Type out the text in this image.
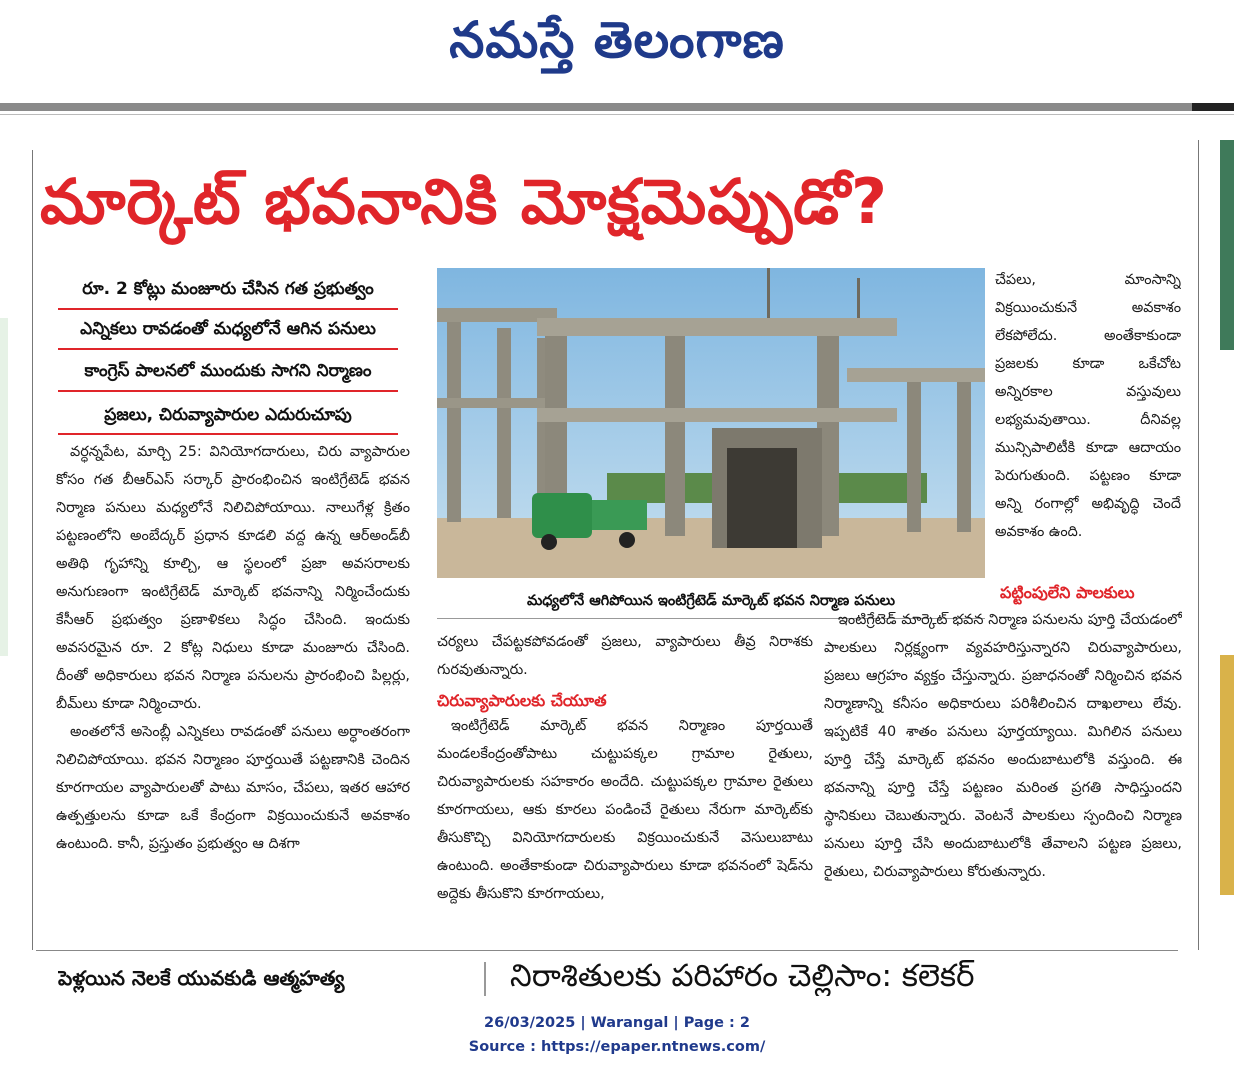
నమస్తే తెలంగాణ
మార్కెట్‌ భవనానికి మోక్షమెప్పుడో?
రూ. 2 కోట్లు మంజూరు చేసిన గత ప్రభుత్వం
ఎన్నికలు రావడంతో మధ్యలోనే ఆగిన పనులు
కాంగ్రెస్‌ పాలనలో ముందుకు సాగని నిర్మాణం
ప్రజలు, చిరువ్యాపారుల ఎదురుచూపు

వర్ధన్నపేట, మార్చి 25: వినియోగదారులు, చిరు వ్యాపారుల కోసం గత బీఆర్‌ఎస్‌ సర్కార్‌ ప్రారంభించిన ఇంటిగ్రేటెడ్‌ భవన నిర్మాణ పనులు మధ్యలోనే నిలిచిపోయాయి. నాలుగేళ్ల క్రితం పట్టణంలోని అంబేద్కర్‌ ప్రధాన కూడలి వద్ద ఉన్న ఆర్‌అండ్‌బీ అతిథి గృహాన్ని కూల్చి, ఆ స్థలంలో ప్రజా అవసరాలకు అనుగుణంగా ఇంటిగ్రేటెడ్‌ మార్కెట్‌ భవనాన్ని నిర్మించేందుకు కేసీఆర్‌ ప్రభుత్వం ప్రణాళికలు సిద్ధం చేసింది. ఇందుకు అవసరమైన రూ. 2 కోట్ల నిధులు కూడా మంజూరు చేసింది. దీంతో అధికారులు భవన నిర్మాణ పనులను ప్రారంభించి పిల్లర్లు, బీమ్‌లు కూడా నిర్మించారు.

అంతలోనే అసెంబ్లీ ఎన్నికలు రావడంతో పనులు అర్ధాంతరంగా నిలిచిపోయాయి. భవన నిర్మాణం పూర్తయితే పట్టణానికి చెందిన కూరగాయల వ్యాపారులతో పాటు మాసం, చేపలు, ఇతర ఆహార ఉత్పత్తులను కూడా ఒకే కేంద్రంగా విక్రయించుకునే అవకాశం ఉంటుంది. కానీ, ప్రస్తుతం ప్రభుత్వం ఆ దిశగా

మధ్యలోనే ఆగిపోయిన ఇంటిగ్రేటెడ్‌ మార్కెట్‌ భవన నిర్మాణ పనులు

చర్యలు చేపట్టకపోవడంతో ప్రజలు, వ్యాపారులు తీవ్ర నిరాశకు గురవుతున్నారు.

చిరువ్యాపారులకు చేయూత

ఇంటిగ్రేటెడ్‌ మార్కెట్‌ భవన నిర్మాణం పూర్తయితే మండలకేంద్రంతోపాటు చుట్టుపక్కల గ్రామాల రైతులు, చిరువ్యాపారులకు సహకారం అందేది. చుట్టుపక్కల గ్రామాల రైతులు కూరగాయలు, ఆకు కూరలు పండించే రైతులు నేరుగా మార్కెట్‌కు తీసుకొచ్చి వినియోగదారులకు విక్రయించుకునే వెసులుబాటు ఉంటుంది. అంతేకాకుండా చిరువ్యాపారులు కూడా భవనంలో షెడ్‌ను అద్దెకు తీసుకొని కూరగాయలు,

చేపలు, మాంసాన్ని విక్రయించుకునే అవకాశం లేకపోలేదు. అంతేకాకుండా ప్రజలకు కూడా ఒకేచోట అన్నిరకాల వస్తువులు లభ్యమవుతాయి. దీనివల్ల మున్సిపాలిటీకి కూడా ఆదాయం పెరుగుతుంది. పట్టణం కూడా అన్ని రంగాల్లో అభివృద్ధి చెందే అవకాశం ఉంది.

పట్టింపులేని పాలకులు

ఇంటిగ్రేటెడ్‌ మార్కెట్‌ భవన నిర్మాణ పనులను పూర్తి చేయడంలో పాలకులు నిర్లక్ష్యంగా వ్యవహరిస్తున్నారని చిరువ్యాపారులు, ప్రజలు ఆగ్రహం వ్యక్తం చేస్తున్నారు. ప్రజాధనంతో నిర్మించిన భవన నిర్మాణాన్ని కనీసం అధికారులు పరిశీలించిన దాఖలాలు లేవు. ఇప్పటికే 40 శాతం పనులు పూర్తయ్యాయి. మిగిలిన పనులు పూర్తి చేస్తే మార్కెట్‌ భవనం అందుబాటులోకి వస్తుంది. ఈ భవనాన్ని పూర్తి చేస్తే పట్టణం మరింత ప్రగతి సాధిస్తుందని స్థానికులు చెబుతున్నారు. వెంటనే పాలకులు స్పందించి నిర్మాణ పనులు పూర్తి చేసి అందుబాటులోకి తేవాలని పట్టణ ప్రజలు, రైతులు, చిరువ్యాపారులు కోరుతున్నారు.

పెళ్లయిన నెలకే యువకుడి ఆత్మహత్య	నిరాశితులకు పరిహారం చెల్లిసాం: కలెకర్‌
26/03/2025 | Warangal | Page : 2
Source : https://epaper.ntnews.com/
